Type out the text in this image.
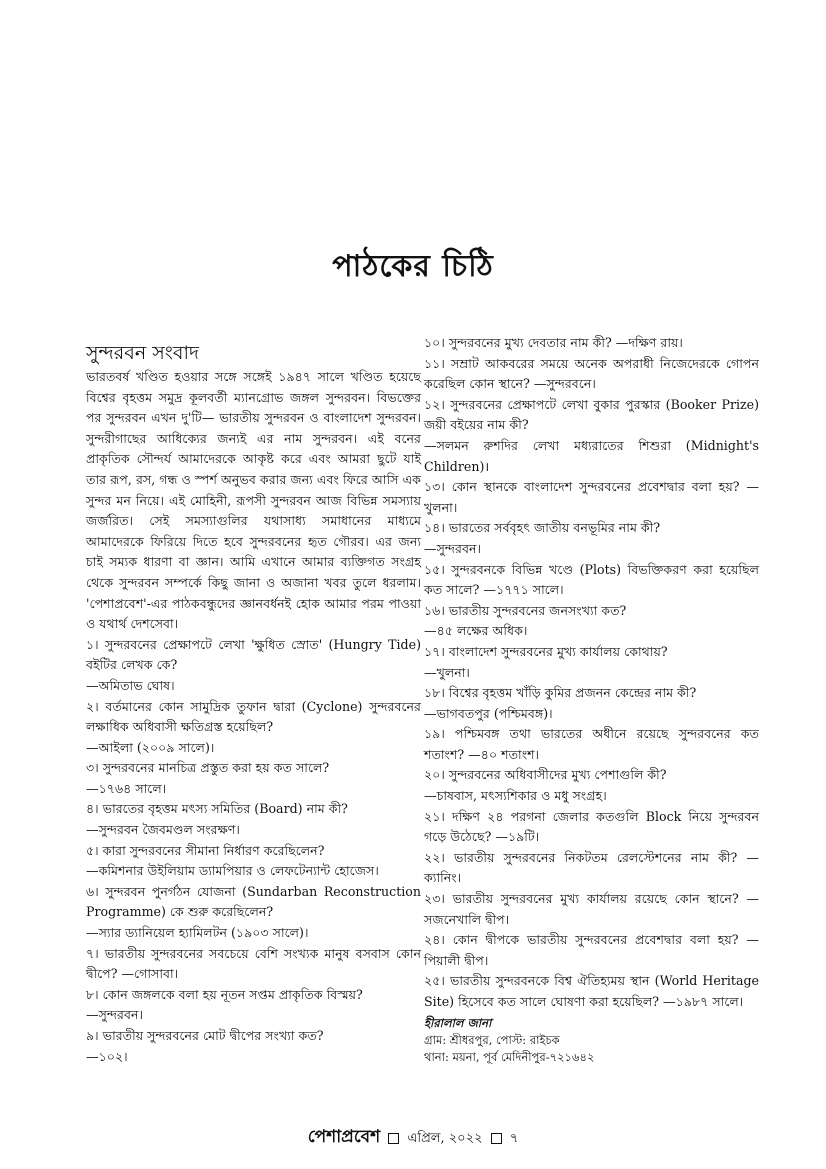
পাঠকের চিঠি
সুন্দরবন সংবাদ

ভারতবর্ষ খণ্ডিত হওয়ার সঙ্গে সঙ্গেই ১৯৪৭ সালে খণ্ডিত হয়েছে বিশ্বের বৃহত্তম সমুদ্র কূলবর্তী ম্যানগ্রোভ জঙ্গল সুন্দরবন। বিভক্তের পর সুন্দরবন এখন দু'টি— ভারতীয় সুন্দরবন ও বাংলাদেশ সুন্দরবন। সুন্দরীগাছের আধিক্যের জন্যই এর নাম সুন্দরবন। এই বনের প্রাকৃতিক সৌন্দর্য আমাদেরকে আকৃষ্ট করে এবং আমরা ছুটে যাই তার রূপ, রস, গন্ধ ও স্পর্শ অনুভব করার জন্য এবং ফিরে আসি এক সুন্দর মন নিয়ে। এই মোহিনী, রূপসী সুন্দরবন আজ বিভিন্ন সমস্যায় জর্জরিত। সেই সমস্যাগুলির যথাসাধ্য সমাধানের মাধ্যমে আমাদেরকে ফিরিয়ে দিতে হবে সুন্দরবনের হৃত গৌরব। এর জন্য চাই সম্যক ধারণা বা জ্ঞান। আমি এখানে আমার ব্যক্তিগত সংগ্রহ থেকে সুন্দরবন সম্পর্কে কিছু জানা ও অজানা খবর তুলে ধরলাম। 'পেশাপ্রবেশ'-এর পাঠকবন্ধুদের জ্ঞানবর্ধনই হোক আমার পরম পাওয়া ও যথার্থ দেশসেবা।

১। সুন্দরবনের প্রেক্ষাপটে লেখা 'ক্ষুধিত স্রোত' (Hungry Tide) বইটির লেখক কে?
—অমিতাভ ঘোষ।

২। বর্তমানের কোন সামুদ্রিক তুফান দ্বারা (Cyclone) সুন্দরবনের লক্ষাধিক অধিবাসী ক্ষতিগ্রস্ত হয়েছিল?
—আইলা (২০০৯ সালে)।

৩। সুন্দরবনের মানচিত্র প্রস্তুত করা হয় কত সালে?
—১৭৬৪ সালে।

৪। ভারতের বৃহত্তম মৎস্য সমিতির (Board) নাম কী?
—সুন্দরবন জৈবমণ্ডল সংরক্ষণ।

৫। কারা সুন্দরবনের সীমানা নির্ধারণ করেছিলেন?
—কমিশনার উইলিয়াম ড্যামপিয়ার ও লেফটেন্যান্ট হোজেস।

৬। সুন্দরবন পুনর্গঠন যোজনা (Sundarban Reconstruction Programme) কে শুরু করেছিলেন?
—স্যার ড্যানিয়েল হ্যামিলটন (১৯০৩ সালে)।

৭। ভারতীয় সুন্দরবনের সবচেয়ে বেশি সংখ্যক মানুষ বসবাস কোন দ্বীপে? —গোসাবা।

৮। কোন জঙ্গলকে বলা হয় নূতন সপ্তম প্রাকৃতিক বিস্ময়?
—সুন্দরবন।

৯। ভারতীয় সুন্দরবনের মোট দ্বীপের সংখ্যা কত?
—১০২।

১০। সুন্দরবনের মুখ্য দেবতার নাম কী? —দক্ষিণ রায়।

১১। সম্রাট আকবরের সময়ে অনেক অপরাধী নিজেদেরকে গোপন করেছিল কোন স্থানে? —সুন্দরবনে।

১২। সুন্দরবনের প্রেক্ষাপটে লেখা বুকার পুরস্কার (Booker Prize) জয়ী বইয়ের নাম কী?
—সলমন রুশদির লেখা মধ্যরাতের শিশুরা (Midnight's Children)।

১৩। কোন স্থানকে বাংলাদেশ সুন্দরবনের প্রবেশদ্বার বলা হয়? —খুলনা।

১৪। ভারতের সর্ববৃহৎ জাতীয় বনভূমির নাম কী?
—সুন্দরবন।

১৫। সুন্দরবনকে বিভিন্ন খণ্ডে (Plots) বিভক্তিকরণ করা হয়েছিল কত সালে? —১৭৭১ সালে।

১৬। ভারতীয় সুন্দরবনের জনসংখ্যা কত?
—৪৫ লক্ষের অধিক।

১৭। বাংলাদেশ সুন্দরবনের মুখ্য কার্যালয় কোথায়?
—খুলনা।

১৮। বিশ্বের বৃহত্তম খাঁড়ি কুমির প্রজনন কেন্দ্রের নাম কী?
—ভাগবতপুর (পশ্চিমবঙ্গ)।

১৯। পশ্চিমবঙ্গ তথা ভারতের অধীনে রয়েছে সুন্দরবনের কত শতাংশ? —৪০ শতাংশ।

২০। সুন্দরবনের অধিবাসীদের মুখ্য পেশাগুলি কী?
—চাষবাস, মৎস্যশিকার ও মধু সংগ্রহ।

২১। দক্ষিণ ২৪ পরগনা জেলার কতগুলি Block নিয়ে সুন্দরবন গড়ে উঠেছে? —১৯টি।

২২। ভারতীয় সুন্দরবনের নিকটতম রেলস্টেশনের নাম কী? —ক্যানিং।

২৩। ভারতীয় সুন্দরবনের মুখ্য কার্যালয় রয়েছে কোন স্থানে? —সজনেখালি দ্বীপ।

২৪। কোন দ্বীপকে ভারতীয় সুন্দরবনের প্রবেশদ্বার বলা হয়? —পিয়ালী দ্বীপ।

২৫। ভারতীয় সুন্দরবনকে বিশ্ব ঐতিহ্যময় স্থান (World Heritage Site) হিসেবে কত সালে ঘোষণা করা হয়েছিল? —১৯৮৭ সালে।

হীরালাল জানা
গ্রাম: শ্রীধরপুর, পোস্ট: রাইচক
থানা: ময়না, পূর্ব মেদিনীপুর-৭২১৬৪২
পেশাপ্রবেশ এপ্রিল, ২০২২ ৭
